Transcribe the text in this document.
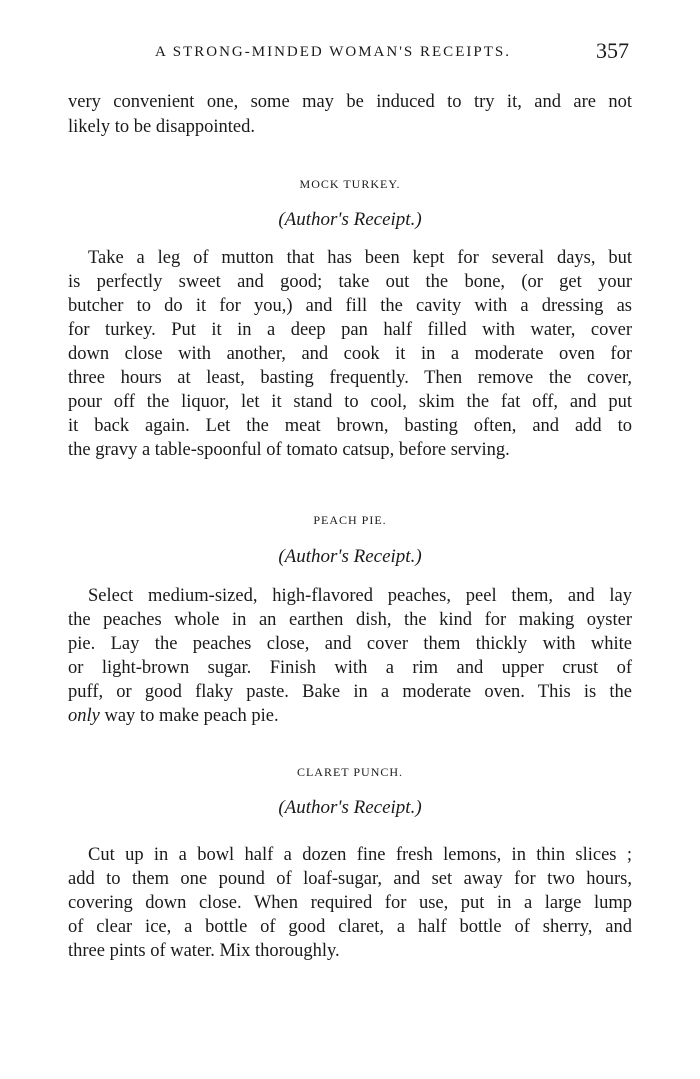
A STRONG-MINDED WOMAN'S RECEIPTS.	357
very convenient one, some may be induced to try it, and are not
likely to be disappointed.
MOCK TURKEY.
(Author's Receipt.)
Take a leg of mutton that has been kept for several days, but
is perfectly sweet and good; take out the bone, (or get your
butcher to do it for you,) and fill the cavity with a dressing as
for turkey. Put it in a deep pan half filled with water, cover
down close with another, and cook it in a moderate oven for
three hours at least, basting frequently. Then remove the cover,
pour off the liquor, let it stand to cool, skim the fat off, and put
it back again. Let the meat brown, basting often, and add to
the gravy a table-spoonful of tomato catsup, before serving.
PEACH PIE.
(Author's Receipt.)
Select medium-sized, high-flavored peaches, peel them, and lay
the peaches whole in an earthen dish, the kind for making oyster
pie. Lay the peaches close, and cover them thickly with white
or light-brown sugar. Finish with a rim and upper crust of
puff, or good flaky paste. Bake in a moderate oven. This is the
only way to make peach pie.
CLARET PUNCH.
(Author's Receipt.)
Cut up in a bowl half a dozen fine fresh lemons, in thin slices ;
add to them one pound of loaf-sugar, and set away for two hours,
covering down close. When required for use, put in a large lump
of clear ice, a bottle of good claret, a half bottle of sherry, and
three pints of water. Mix thoroughly.
